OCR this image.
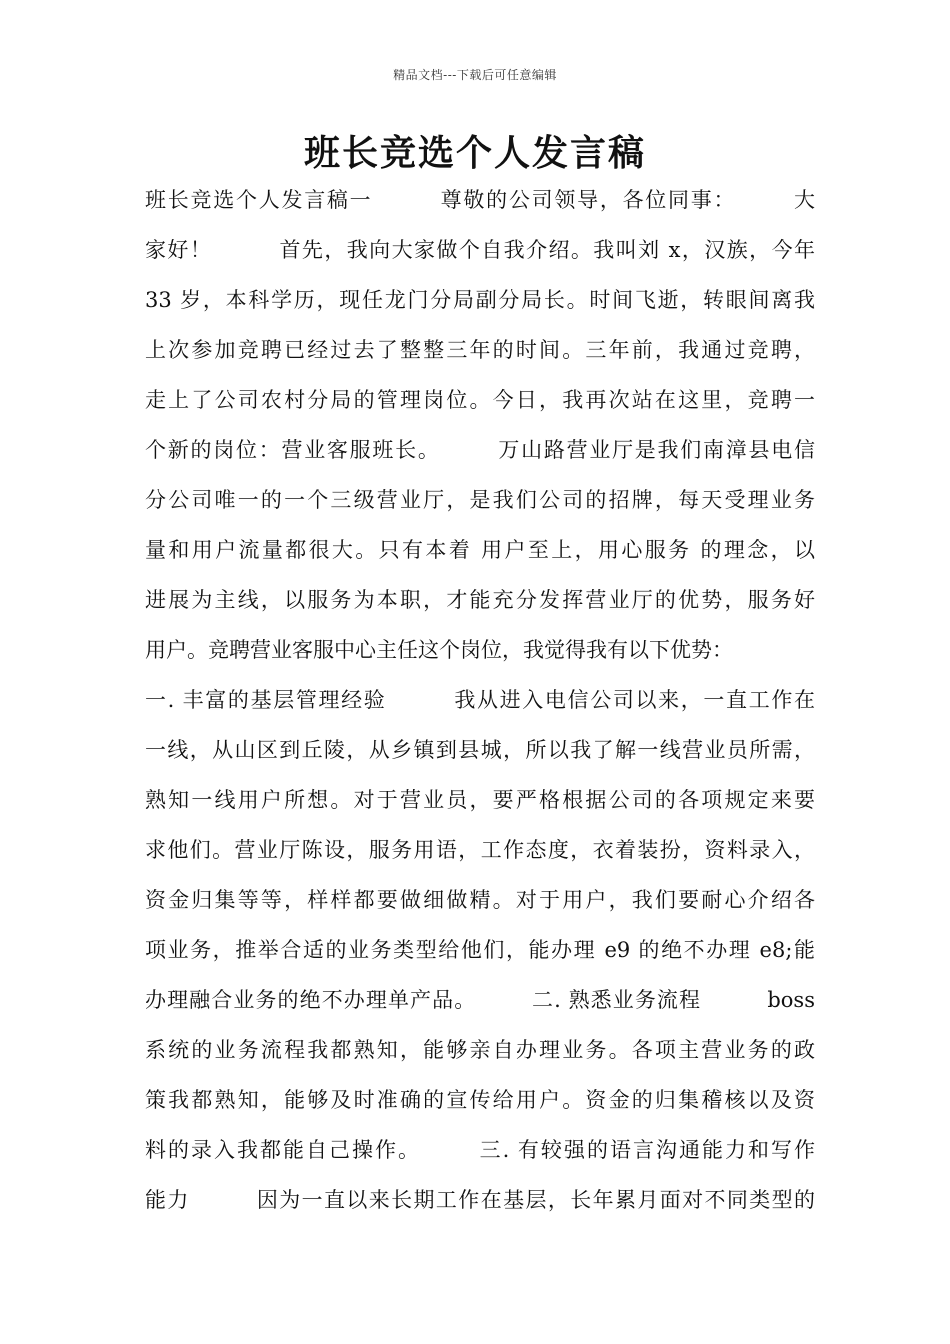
精品文档---下载后可任意编辑
班长竞选个人发言稿
班长竞选个人发言稿一　　　尊敬的公司领导，各位同事：　　　大
家好！　　　首先，我向大家做个自我介绍。我叫刘 x，汉族，今年
33 岁，本科学历，现任龙门分局副分局长。时间飞逝，转眼间离我
上次参加竞聘已经过去了整整三年的时间。三年前，我通过竞聘，
走上了公司农村分局的管理岗位。今日，我再次站在这里，竞聘一
个新的岗位：营业客服班长。　　　万山路营业厅是我们南漳县电信
分公司唯一的一个三级营业厅，是我们公司的招牌，每天受理业务
量和用户流量都很大。只有本着 用户至上，用心服务 的理念，以
进展为主线，以服务为本职，才能充分发挥营业厅的优势，服务好
用户。竞聘营业客服中心主任这个岗位，我觉得我有以下优势：
一. 丰富的基层管理经验　　　我从进入电信公司以来，一直工作在
一线，从山区到丘陵，从乡镇到县城，所以我了解一线营业员所需，
熟知一线用户所想。对于营业员，要严格根据公司的各项规定来要
求他们。营业厅陈设，服务用语，工作态度，衣着装扮，资料录入，
资金归集等等，样样都要做细做精。对于用户，我们要耐心介绍各
项业务，推举合适的业务类型给他们，能办理 e9 的绝不办理 e8;能
办理融合业务的绝不办理单产品。　　　二. 熟悉业务流程　　　boss
系统的业务流程我都熟知，能够亲自办理业务。各项主营业务的政
策我都熟知，能够及时准确的宣传给用户。资金的归集稽核以及资
料的录入我都能自己操作。　　　三. 有较强的语言沟通能力和写作
能力　　　因为一直以来长期工作在基层，长年累月面对不同类型的
